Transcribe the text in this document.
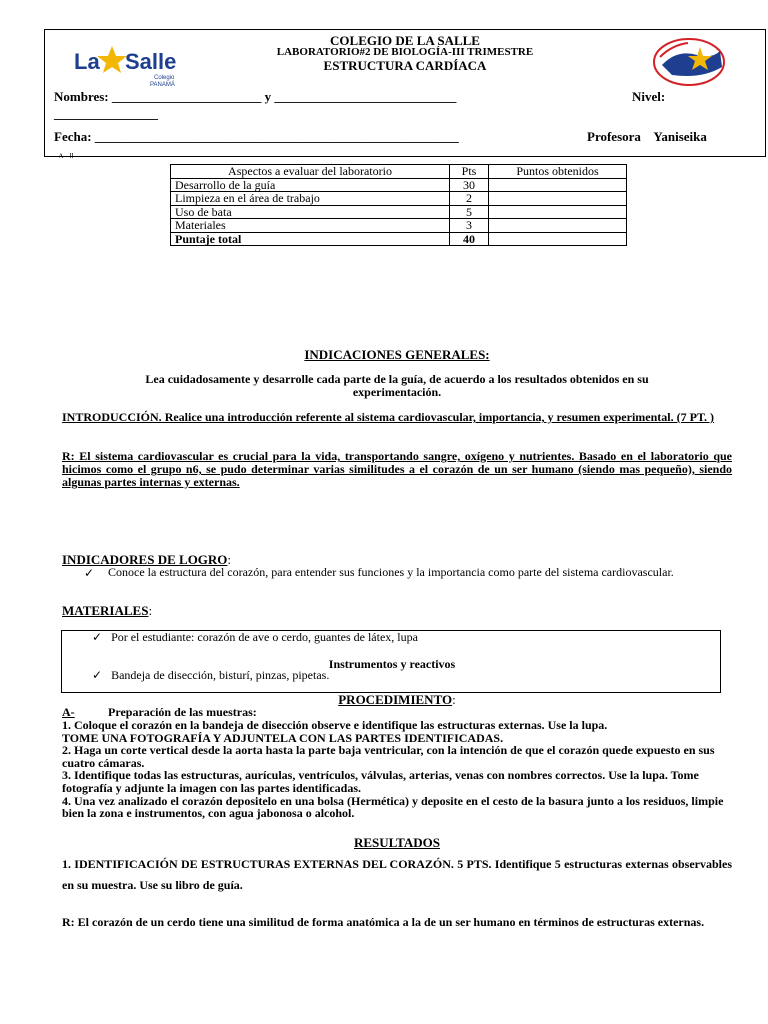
La Salle
Colegio
PANAMÁ
COLEGIO DE LA SALLE
LABORATORIO#2 DE BIOLOGÍA-III TRIMESTRE
ESTRUCTURA CARDÍACA
Nombres: _______________________ y ____________________________	Nivel:
________________
Fecha: ________________________________________________________	Profesora    Yaniseika
A   ll
Aspectos a evaluar del laboratorio	Pts	Puntos obtenidos
Desarrollo de la guía	30	
Limpieza en el área de trabajo	2	
Uso de bata	5	
Materiales	3	
Puntaje total	40	
INDICACIONES GENERALES:
Lea cuidadosamente y desarrolle cada parte de la guía, de acuerdo a los resultados obtenidos en su experimentación.
INTRODUCCIÓN. Realice una introducción referente al sistema cardiovascular, importancia, y resumen experimental. (7 PT. )
R: El sistema cardiovascular es crucial para la vida, transportando sangre, oxígeno y nutrientes. Basado en el laboratorio que hicimos como el grupo n6, se pudo determinar varias similitudes a el corazón de un ser humano (siendo mas pequeño), siendo algunas partes internas y externas.
INDICADORES DE LOGRO:
✓ Conoce la estructura del corazón, para entender sus funciones y la importancia como parte del sistema cardiovascular.
MATERIALES:
✓ Por el estudiante: corazón de ave o cerdo, guantes de látex, lupa
Instrumentos y reactivos
✓ Bandeja de disección, bisturí, pinzas, pipetas.
PROCEDIMIENTO:
A-	Preparación de las muestras:
1. Coloque el corazón en la bandeja de disección observe e identifique las estructuras externas. Use la lupa.
TOME UNA FOTOGRAFÍA Y ADJUNTELA CON LAS PARTES IDENTIFICADAS.
2. Haga un corte vertical desde la aorta hasta la parte baja ventricular, con la intención de que el corazón quede expuesto en sus cuatro cámaras.
3. Identifique todas las estructuras, aurículas, ventrículos, válvulas, arterias, venas con nombres correctos. Use la lupa. Tome fotografía y adjunte la imagen con las partes identificadas.
4. Una vez analizado el corazón depositelo en una bolsa (Hermética) y deposite en el cesto de la basura junto a los residuos, limpie bien la zona e instrumentos, con agua jabonosa o alcohol.
RESULTADOS
1. IDENTIFICACIÓN DE ESTRUCTURAS EXTERNAS DEL CORAZÓN. 5 PTS. Identifique 5 estructuras externas observables en su muestra. Use su libro de guía.
R: El corazón de un cerdo tiene una similitud de forma anatómica a la de un ser humano en términos de estructuras externas.
